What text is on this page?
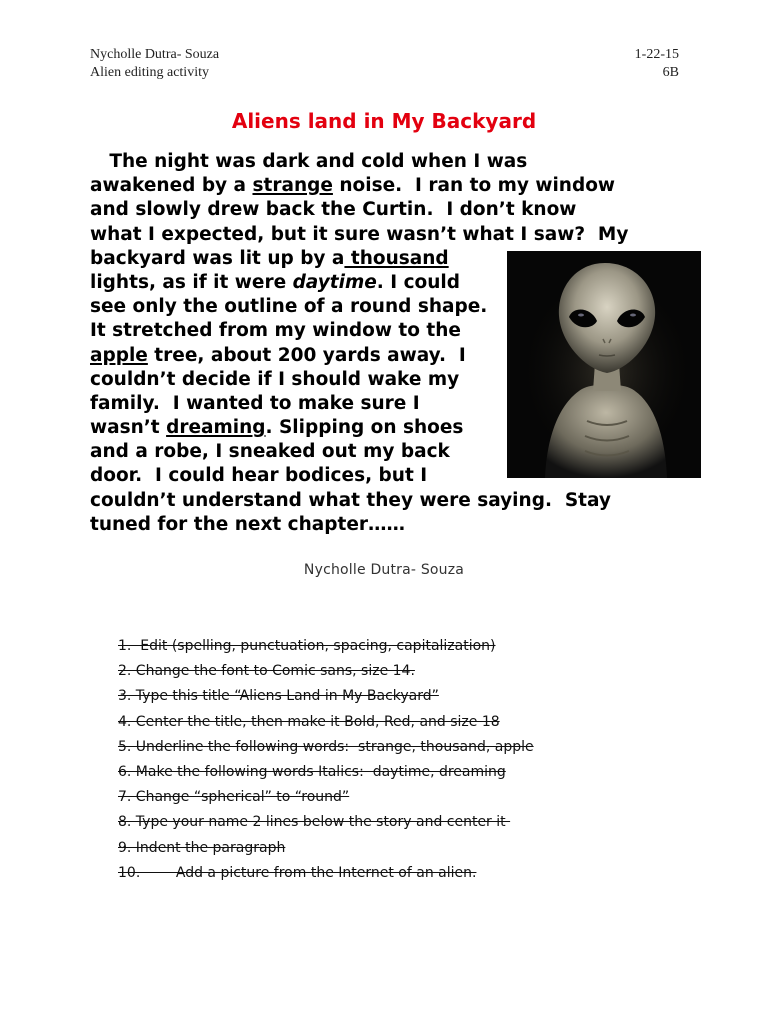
Nycholle Dutra- Souza
Alien editing activity
1-22-15
6B
Aliens land in My Backyard
The night was dark and cold when I was
awakened by a strange noise.  I ran to my window
and slowly drew back the Curtin.  I don’t know
what I expected, but it sure wasn’t what I saw?  My
backyard was lit up by a thousand
lights, as if it were daytime. I could
see only the outline of a round shape.
It stretched from my window to the
apple tree, about 200 yards away.  I
couldn’t decide if I should wake my
family.  I wanted to make sure I
wasn’t dreaming. Slipping on shoes
and a robe, I sneaked out my back
door.  I could hear bodices, but I
couldn’t understand what they were saying.  Stay
tuned for the next chapter……
Nycholle Dutra- Souza
1.  Edit (spelling, punctuation, spacing, capitalization)
2. Change the font to Comic sans, size 14.
3. Type this title “Aliens Land in My Backyard”
4. Center the title, then make it Bold, Red, and size 18
5. Underline the following words:  strange, thousand, apple
6. Make the following words Italics:  daytime, dreaming
7. Change “spherical” to “round”
8. Type your name 2 lines below the story and center it
9. Indent the paragraph
10.        Add a picture from the Internet of an alien.
